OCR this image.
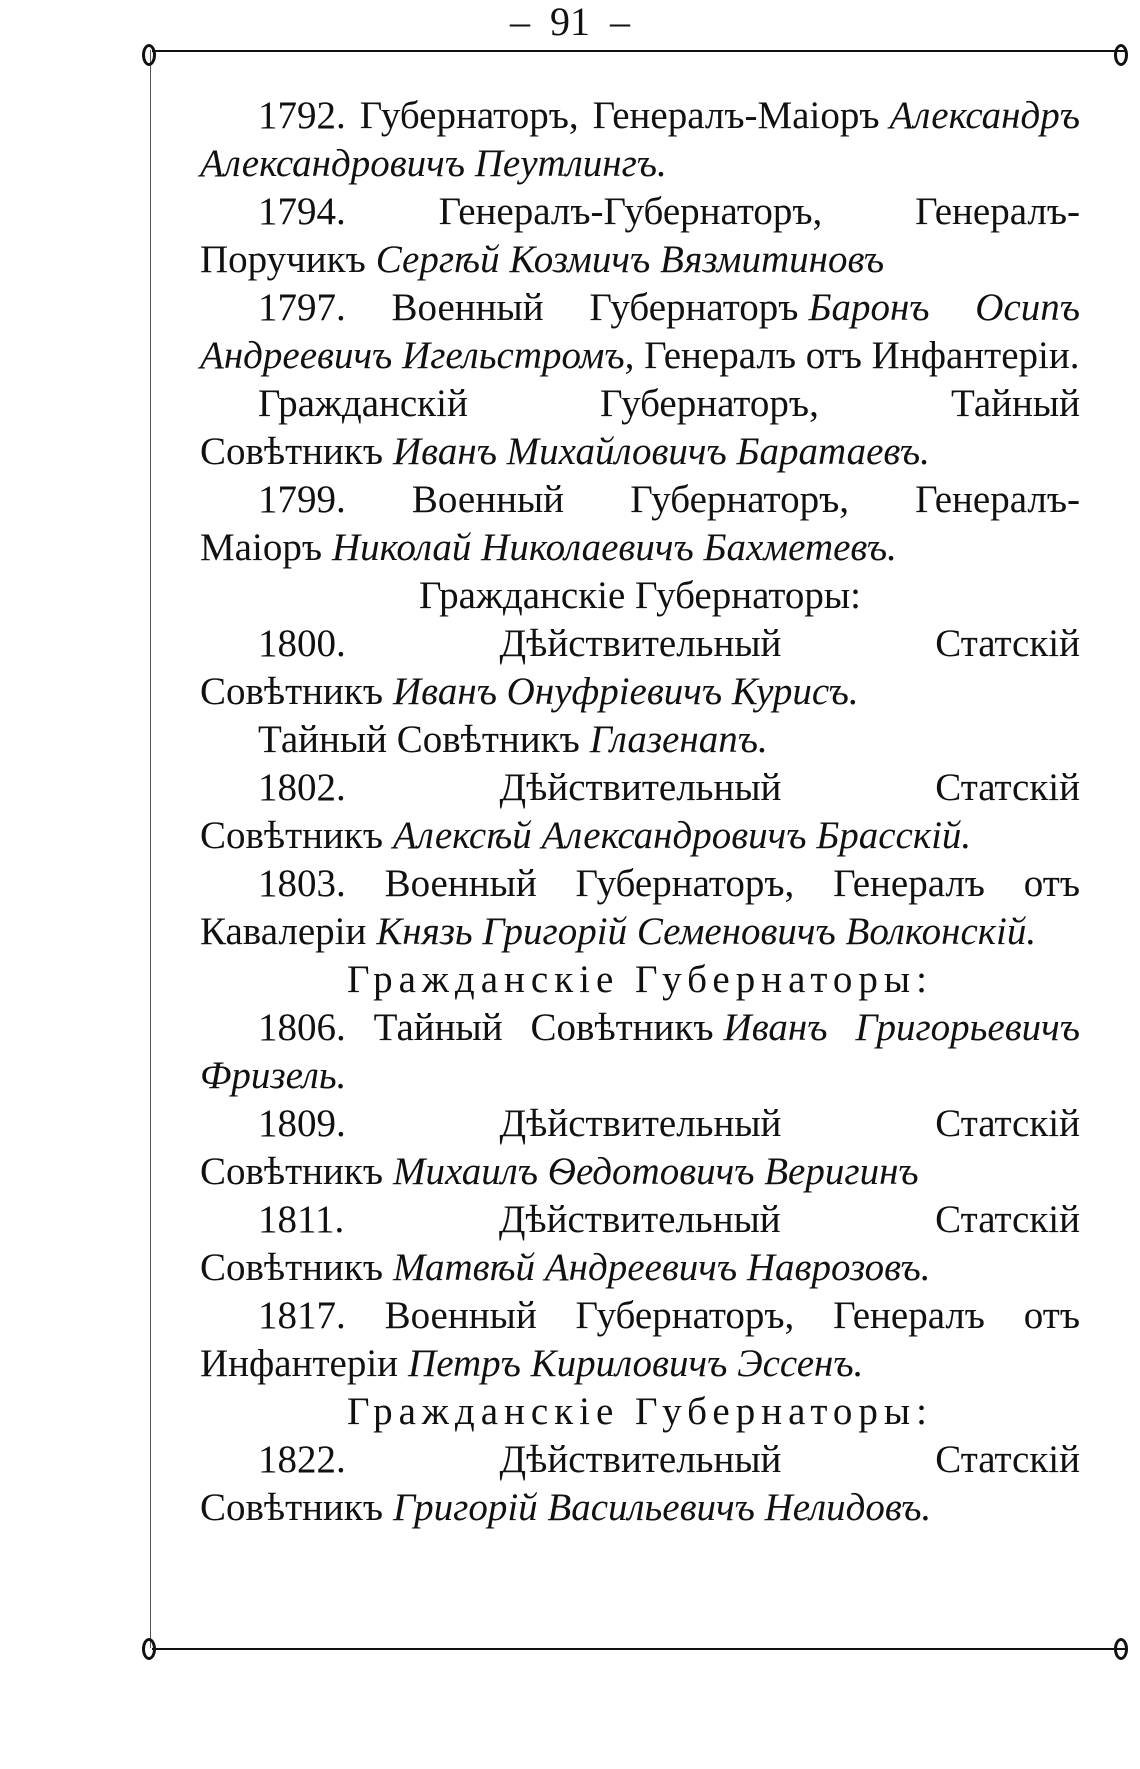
– 91 –

1792. Губернаторъ, Генералъ-Маіоръ Александръ Александровичъ Пеутлингъ.

1794. Генералъ-Губернаторъ, Генералъ-Поручикъ Сергѣй Козмичъ Вязмитиновъ

1797. Военный Губернаторъ Баронъ Осипъ Андреевичъ Игельстромъ, Генералъ отъ Инфантеріи.

Гражданскій Губернаторъ, Тайный Совѣтникъ Иванъ Михайловичъ Баратаевъ.

1799. Военный Губернаторъ, Генералъ-Маіоръ Николай Николаевичъ Бахметевъ.

Гражданскіе Губернаторы:

1800. Дѣйствительный Статскій Совѣтникъ Иванъ Онуфріевичъ Курисъ.

Тайный Совѣтникъ Глазенапъ.

1802. Дѣйствительный Статскій Совѣтникъ Алексѣй Александровичъ Брасскій.

1803. Военный Губернаторъ, Генералъ отъ Кавалеріи Князь Григорій Семеновичъ Волконскій.

Гражданскіе Губернаторы:

1806. Тайный Совѣтникъ Иванъ Григорьевичъ Фризель.

1809. Дѣйствительный Статскій Совѣтникъ Михаилъ Ѳедотовичъ Веригинъ

1811. Дѣйствительный Статскій Совѣтникъ Матвѣй Андреевичъ Наврозовъ.

1817. Военный Губернаторъ, Генералъ отъ Инфантеріи Петръ Кириловичъ Эссенъ.

Гражданскіе Губернаторы:

1822. Дѣйствительный Статскій Совѣтникъ Григорій Васильевичъ Нелидовъ.
